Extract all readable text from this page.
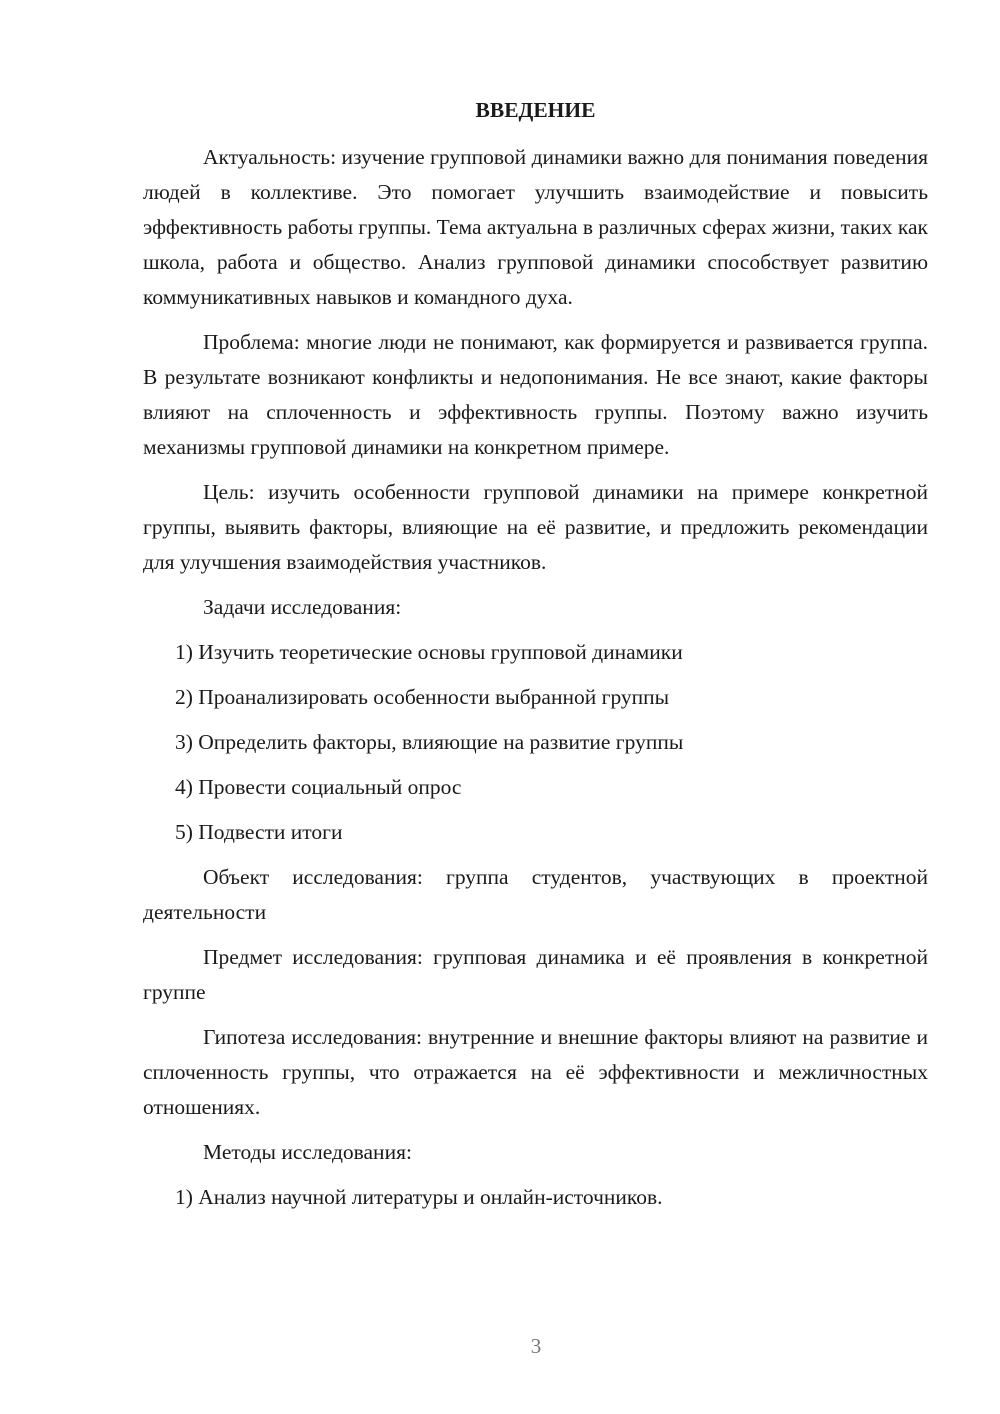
ВВЕДЕНИЕ
Актуальность: изучение групповой динамики важно для понимания поведения людей в коллективе. Это помогает улучшить взаимодействие и повысить эффективность работы группы. Тема актуальна в различных сферах жизни, таких как школа, работа и общество. Анализ групповой динамики способствует развитию коммуникативных навыков и командного духа.
Проблема: многие люди не понимают, как формируется и развивается группа. В результате возникают конфликты и недопонимания. Не все знают, какие факторы влияют на сплоченность и эффективность группы. Поэтому важно изучить механизмы групповой динамики на конкретном примере.
Цель: изучить особенности групповой динамики на примере конкретной группы, выявить факторы, влияющие на её развитие, и предложить рекомендации для улучшения взаимодействия участников.
Задачи исследования:
1) Изучить теоретические основы групповой динамики
2) Проанализировать особенности выбранной группы
3) Определить факторы, влияющие на развитие группы
4) Провести социальный опрос
5) Подвести итоги
Объект исследования: группа студентов, участвующих в проектной деятельности
Предмет исследования: групповая динамика и её проявления в конкретной группе
Гипотеза исследования: внутренние и внешние факторы влияют на развитие и сплоченность группы, что отражается на её эффективности и межличностных отношениях.
Методы исследования:
1) Анализ научной литературы и онлайн-источников.
3
